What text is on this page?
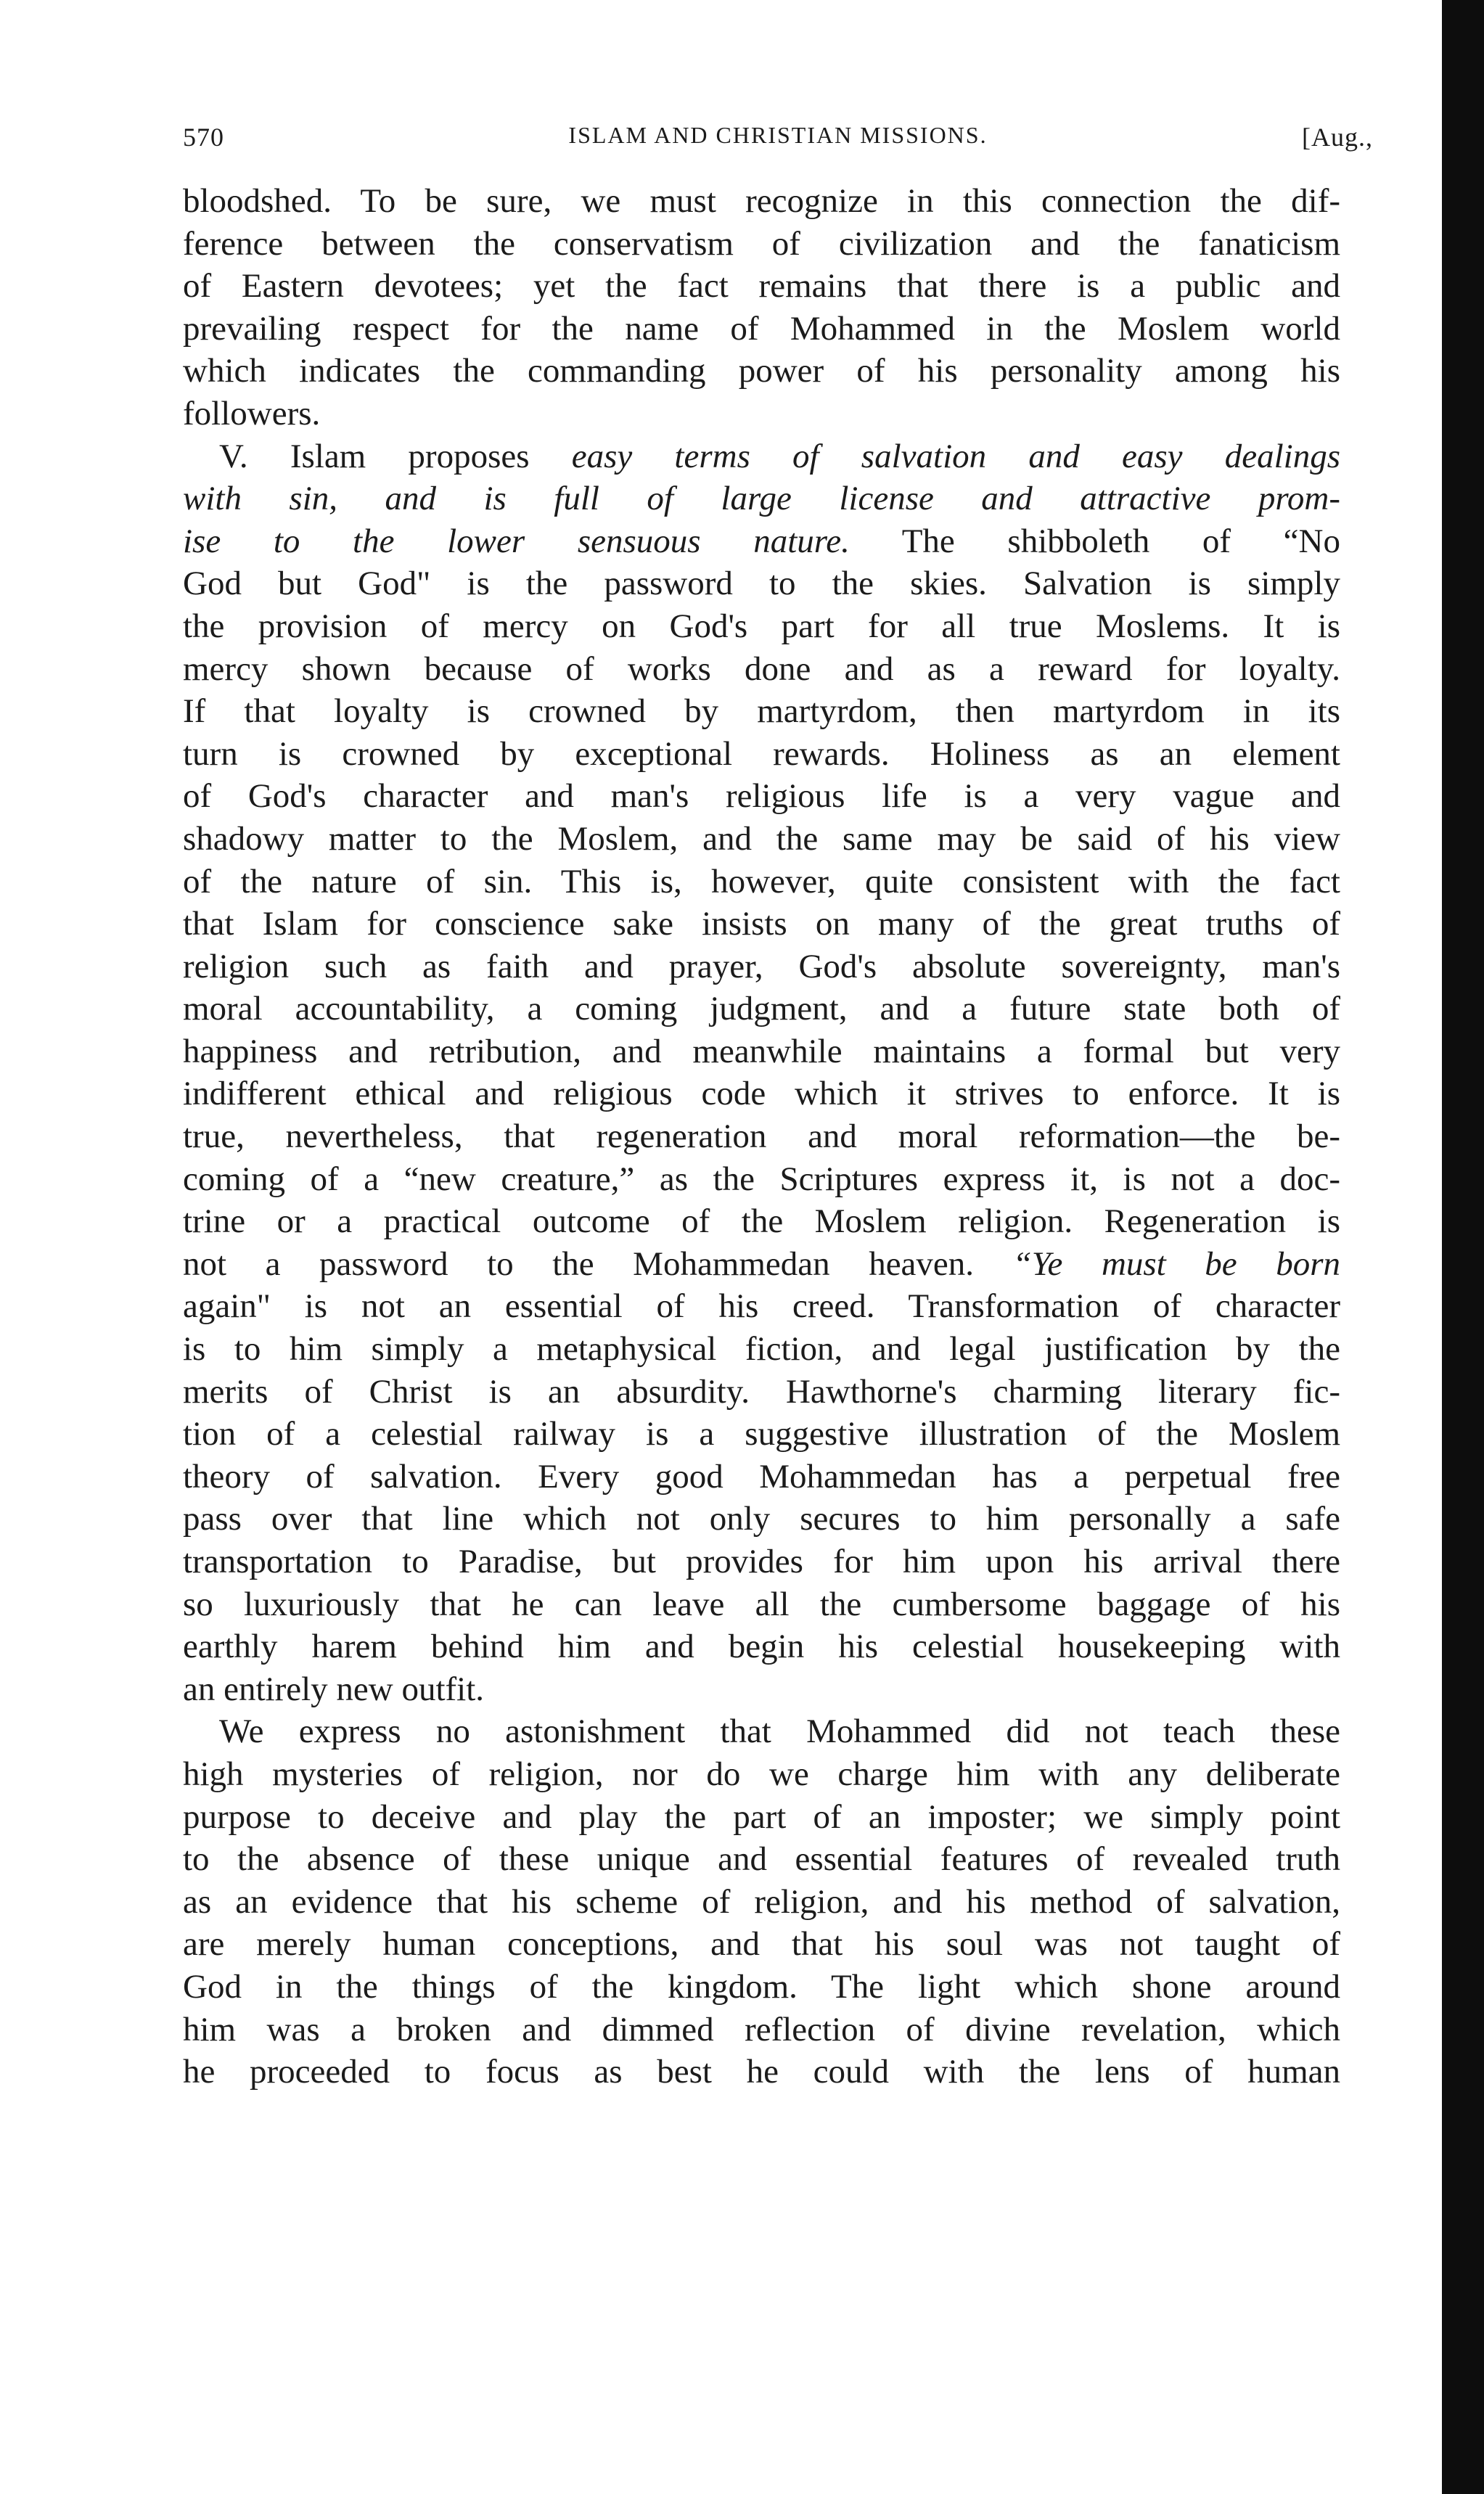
570	ISLAM AND CHRISTIAN MISSIONS.	[Aug.,

bloodshed. To be sure, we must recognize in this connection the dif-

ference between the conservatism of civilization and the fanaticism

of Eastern devotees; yet the fact remains that there is a public and

prevailing respect for the name of Mohammed in the Moslem world

which indicates the commanding power of his personality among his

followers.

V. Islam proposes easy terms of salvation and easy dealings

with sin, and is full of large license and attractive prom-

ise to the lower sensuous nature. The shibboleth of “No

God but God" is the password to the skies. Salvation is simply

the provision of mercy on God's part for all true Moslems. It is

mercy shown because of works done and as a reward for loyalty.

If that loyalty is crowned by martyrdom, then martyrdom in its

turn is crowned by exceptional rewards. Holiness as an element

of God's character and man's religious life is a very vague and

shadowy matter to the Moslem, and the same may be said of his view

of the nature of sin. This is, however, quite consistent with the fact

that Islam for conscience sake insists on many of the great truths of

religion such as faith and prayer, God's absolute sovereignty, man's

moral accountability, a coming judgment, and a future state both of

happiness and retribution, and meanwhile maintains a formal but very

indifferent ethical and religious code which it strives to enforce. It is

true, nevertheless, that regeneration and moral reformation—the be-

coming of a “new creature,” as the Scriptures express it, is not a doc-

trine or a practical outcome of the Moslem religion. Regeneration is

not a password to the Mohammedan heaven. “Ye must be born

again" is not an essential of his creed. Transformation of character

is to him simply a metaphysical fiction, and legal justification by the

merits of Christ is an absurdity. Hawthorne's charming literary fic-

tion of a celestial railway is a suggestive illustration of the Moslem

theory of salvation. Every good Mohammedan has a perpetual free

pass over that line which not only secures to him personally a safe

transportation to Paradise, but provides for him upon his arrival there

so luxuriously that he can leave all the cumbersome baggage of his

earthly harem behind him and begin his celestial housekeeping with

an entirely new outfit.

We express no astonishment that Mohammed did not teach these

high mysteries of religion, nor do we charge him with any deliberate

purpose to deceive and play the part of an imposter; we simply point

to the absence of these unique and essential features of revealed truth

as an evidence that his scheme of religion, and his method of salvation,

are merely human conceptions, and that his soul was not taught of

God in the things of the kingdom. The light which shone around

him was a broken and dimmed reflection of divine revelation, which

he proceeded to focus as best he could with the lens of human
